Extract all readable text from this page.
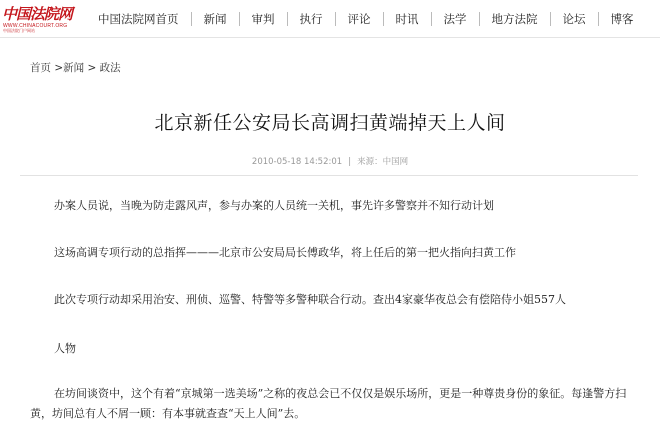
中国法院网
WWW.CHINACOURT.ORG
中国法院门户网站
中国法院网首页	新闻	审判	执行	评论	时讯	法学	地方法院	论坛	博客
首页 >新闻 > 政法
北京新任公安局长高调扫黄端掉天上人间
2010-05-18 14:52:01 | 来源：中国网
办案人员说，当晚为防走露风声，参与办案的人员统一关机，事先许多警察并不知行动计划
这场高调专项行动的总指挥———北京市公安局局长傅政华，将上任后的第一把火指向扫黄工作
此次专项行动却采用治安、刑侦、巡警、特警等多警种联合行动。查出4家豪华夜总会有偿陪侍小姐557人
人物
在坊间谈资中，这个有着“京城第一选美场”之称的夜总会已不仅仅是娱乐场所，更是一种尊贵身份的象征。每逢警方扫黄，坊间总有人不屑一顾：有本事就查查“天上人间”去。
